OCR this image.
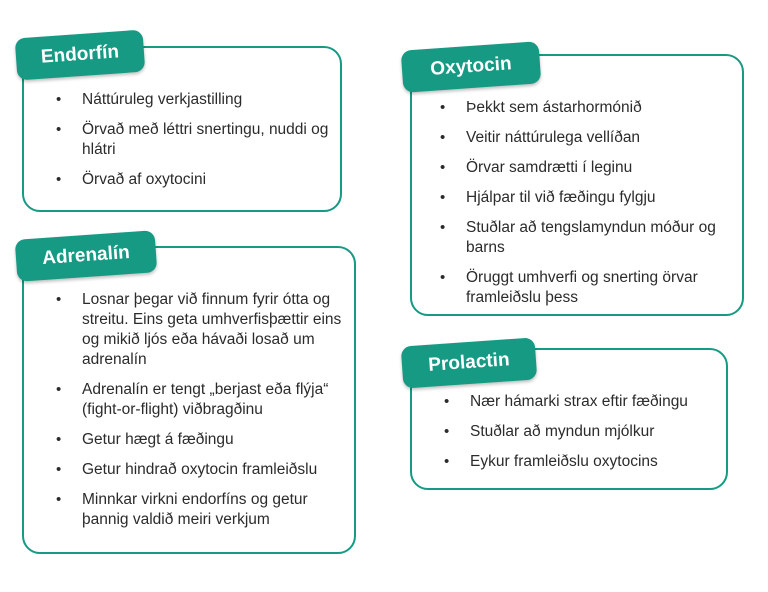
Endorfín
• Náttúruleg verkjastilling
• Örvað með léttri snertingu, nuddi og hlátri
• Örvað af oxytocini
Adrenalín
• Losnar þegar við finnum fyrir ótta og streitu. Eins geta umhverfisþættir eins og mikið ljós eða hávaði losað um adrenalín
• Adrenalín er tengt „berjast eða flýja“ (fight-or-flight) viðbragðinu
• Getur hægt á fæðingu
• Getur hindrað oxytocin framleiðslu
• Minnkar virkni endorfíns og getur þannig valdið meiri verkjum
Oxytocin
• Þekkt sem ástarhormónið
• Veitir náttúrulega vellíðan
• Örvar samdrætti í leginu
• Hjálpar til við fæðingu fylgju
• Stuðlar að tengslamyndun móður og barns
• Öruggt umhverfi og snerting örvar framleiðslu þess
Prolactin
• Nær hámarki strax eftir fæðingu
• Stuðlar að myndun mjólkur
• Eykur framleiðslu oxytocins
